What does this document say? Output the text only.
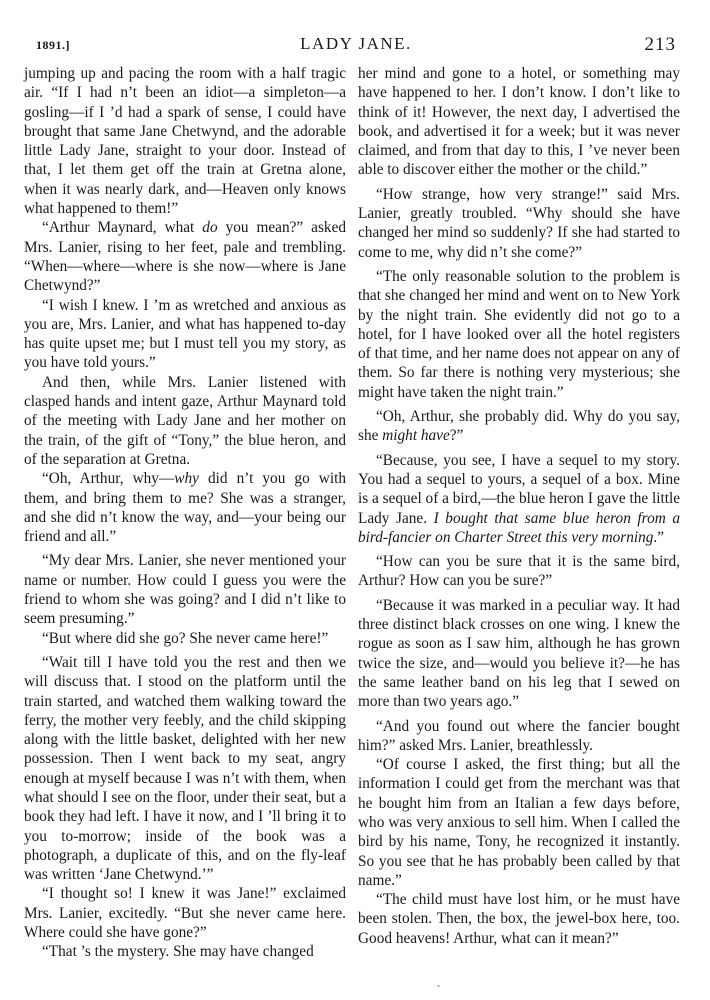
1891.]	LADY JANE.	213

jumping up and pacing the room with a half tragic air. “If I had n’t been an idiot—a simpleton—a gosling—if I ’d had a spark of sense, I could have brought that same Jane Chetwynd, and the adorable little Lady Jane, straight to your door. Instead of that, I let them get off the train at Gretna alone, when it was nearly dark, and—Heaven only knows what happened to them!”

“Arthur Maynard, what do you mean?” asked Mrs. Lanier, rising to her feet, pale and trembling. “When—where—where is she now—where is Jane Chetwynd?”

“I wish I knew. I ’m as wretched and anxious as you are, Mrs. Lanier, and what has happened to-day has quite upset me; but I must tell you my story, as you have told yours.”

And then, while Mrs. Lanier listened with clasped hands and intent gaze, Arthur Maynard told of the meeting with Lady Jane and her mother on the train, of the gift of “Tony,” the blue heron, and of the separation at Gretna.

“Oh, Arthur, why—why did n’t you go with them, and bring them to me? She was a stranger, and she did n’t know the way, and—your being our friend and all.”

“My dear Mrs. Lanier, she never mentioned your name or number. How could I guess you were the friend to whom she was going? and I did n’t like to seem presuming.”

“But where did she go? She never came here!”

“Wait till I have told you the rest and then we will discuss that. I stood on the platform until the train started, and watched them walking toward the ferry, the mother very feebly, and the child skipping along with the little basket, delighted with her new possession. Then I went back to my seat, angry enough at myself because I was n’t with them, when what should I see on the floor, under their seat, but a book they had left. I have it now, and I ’ll bring it to you to-morrow; inside of the book was a photograph, a duplicate of this, and on the fly-leaf was written ‘Jane Chetwynd.’”

“I thought so! I knew it was Jane!” exclaimed Mrs. Lanier, excitedly. “But she never came here. Where could she have gone?”

“That ’s the mystery. She may have changed

her mind and gone to a hotel, or something may have happened to her. I don’t know. I don’t like to think of it! However, the next day, I advertised the book, and advertised it for a week; but it was never claimed, and from that day to this, I ’ve never been able to discover either the mother or the child.”

“How strange, how very strange!” said Mrs. Lanier, greatly troubled. “Why should she have changed her mind so suddenly? If she had started to come to me, why did n’t she come?”

“The only reasonable solution to the problem is that she changed her mind and went on to New York by the night train. She evidently did not go to a hotel, for I have looked over all the hotel registers of that time, and her name does not appear on any of them. So far there is nothing very mysterious; she might have taken the night train.”

“Oh, Arthur, she probably did. Why do you say, she might have?”

“Because, you see, I have a sequel to my story. You had a sequel to yours, a sequel of a box. Mine is a sequel of a bird,—the blue heron I gave the little Lady Jane. I bought that same blue heron from a bird-fancier on Charter Street this very morning.”

“How can you be sure that it is the same bird, Arthur? How can you be sure?”

“Because it was marked in a peculiar way. It had three distinct black crosses on one wing. I knew the rogue as soon as I saw him, although he has grown twice the size, and—would you believe it?—he has the same leather band on his leg that I sewed on more than two years ago.”

“And you found out where the fancier bought him?” asked Mrs. Lanier, breathlessly.

“Of course I asked, the first thing; but all the information I could get from the merchant was that he bought him from an Italian a few days before, who was very anxious to sell him. When I called the bird by his name, Tony, he recognized it instantly. So you see that he has probably been called by that name.”

“The child must have lost him, or he must have been stolen. Then, the box, the jewel-box here, too. Good heavens! Arthur, what can it mean?”
